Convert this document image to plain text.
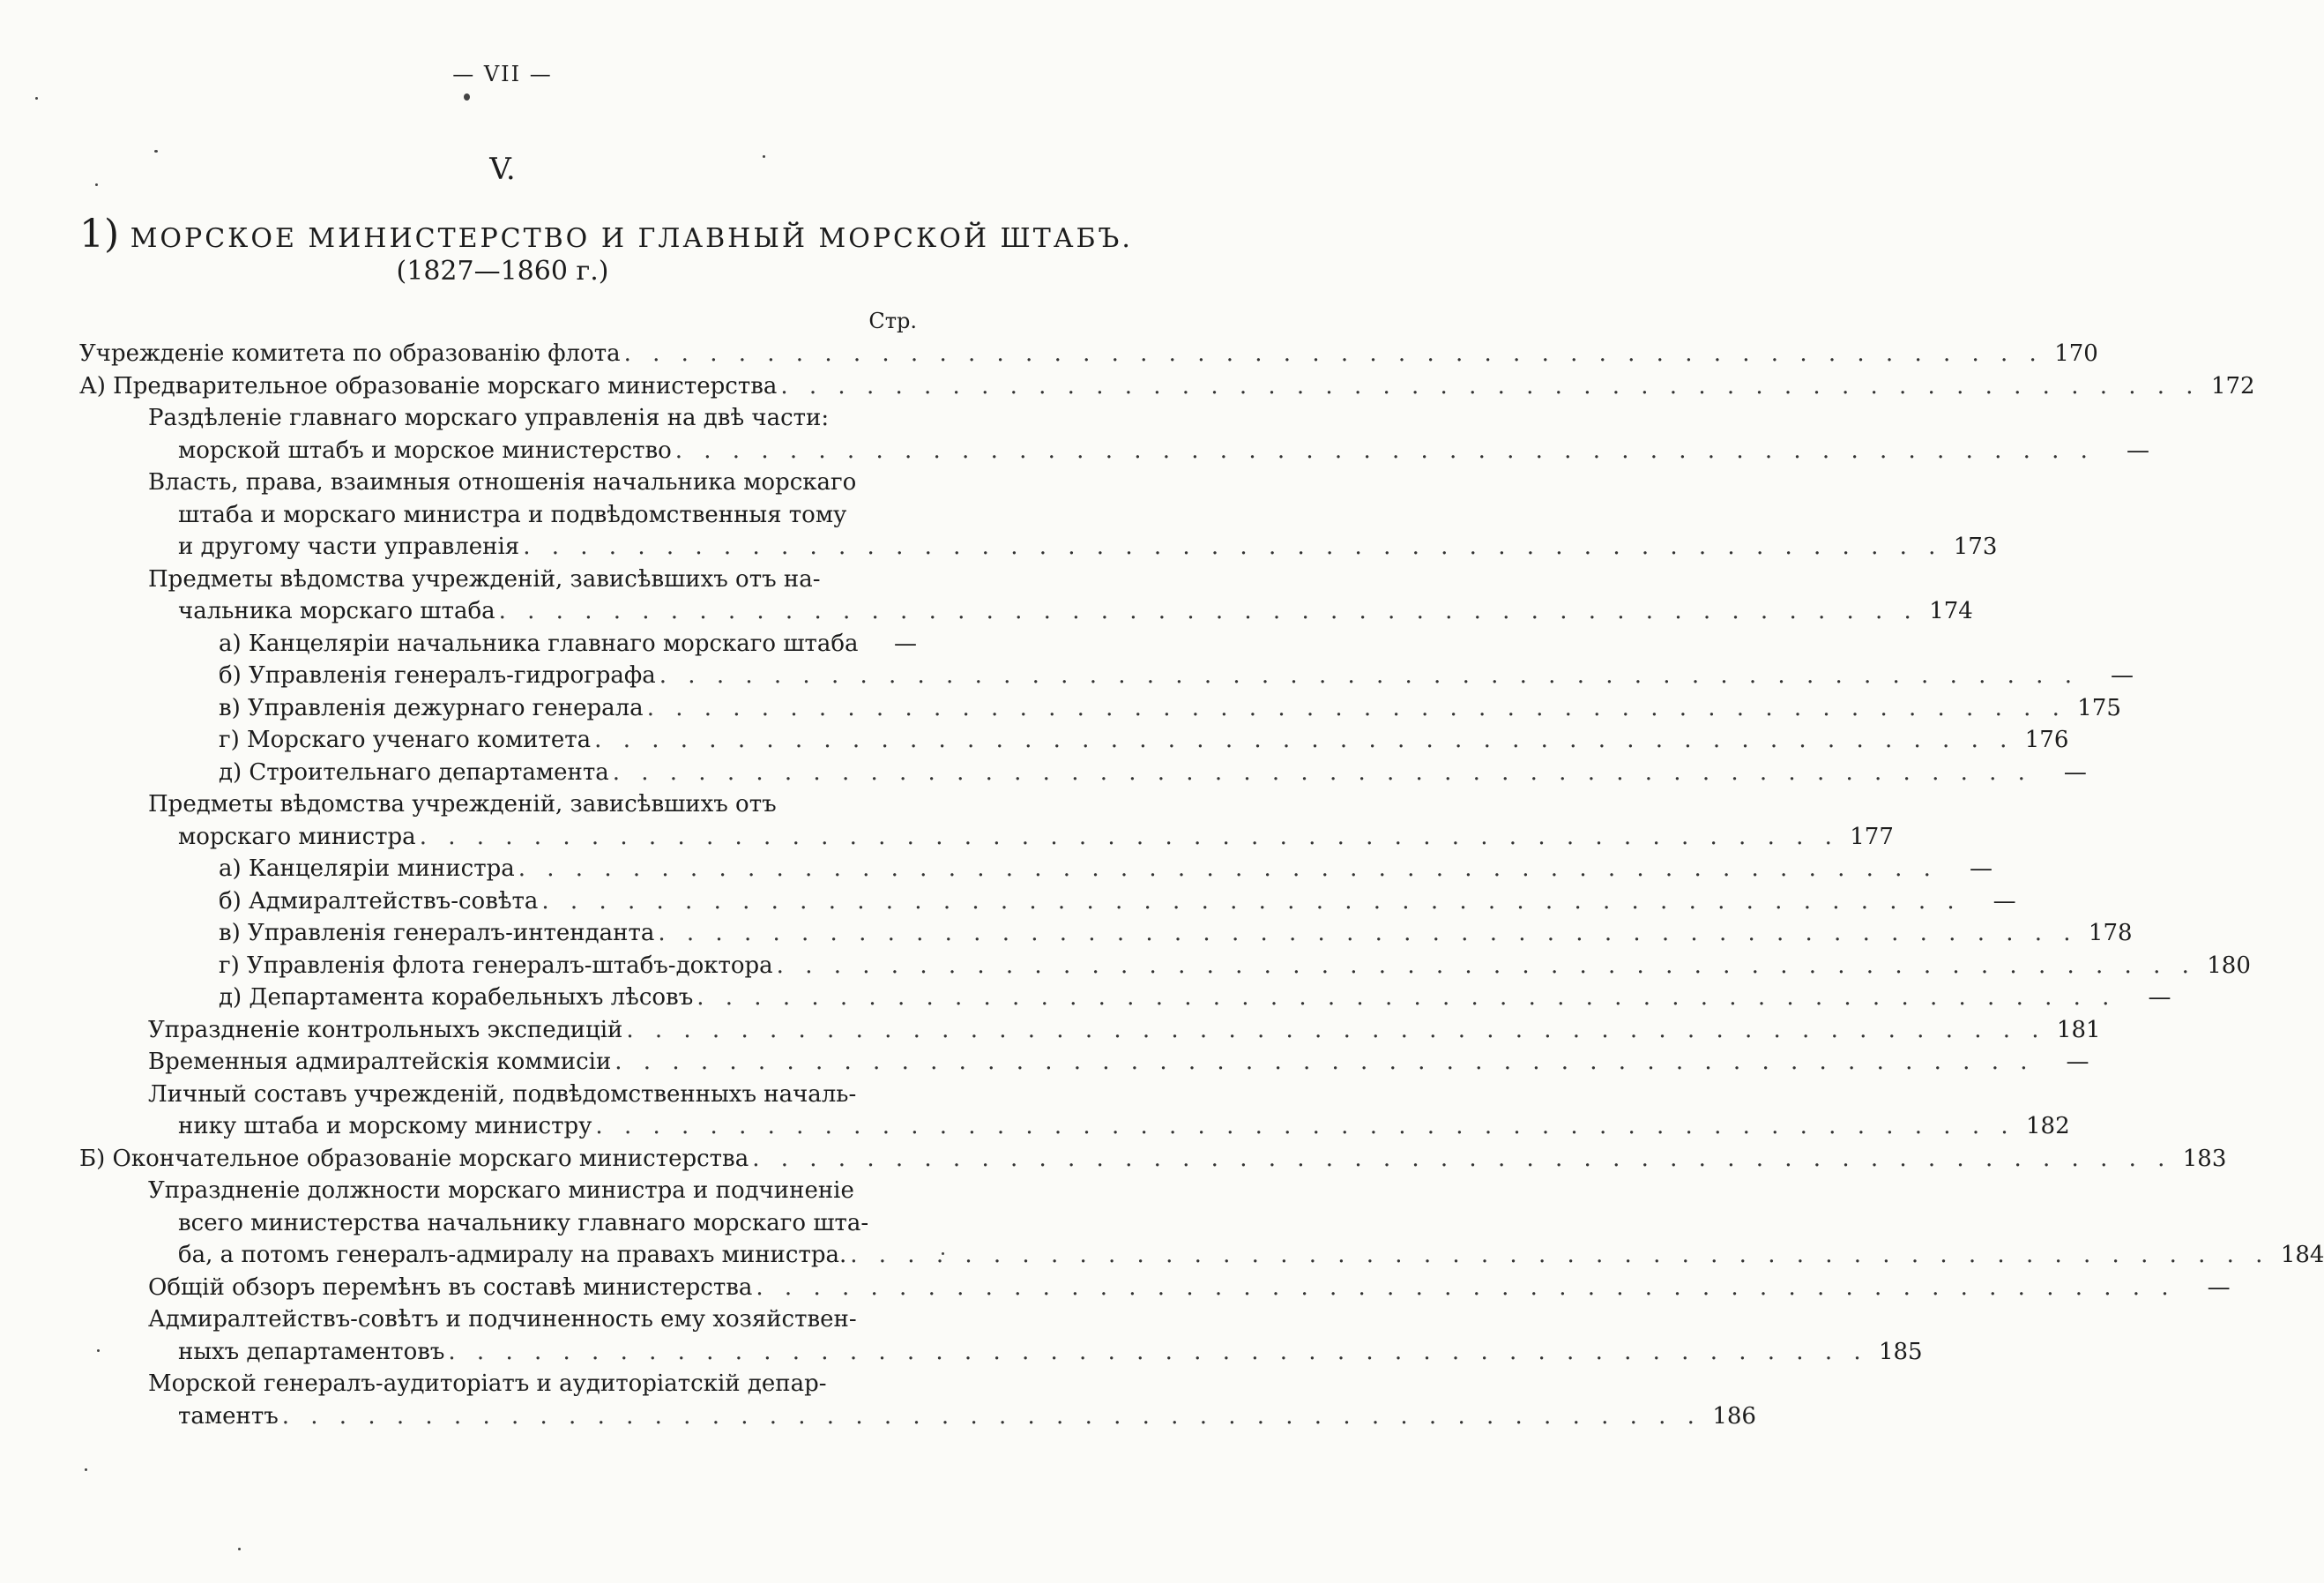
— VII —
V.
1) МОРСКОЕ МИНИСТЕРСТВО И ГЛАВНЫЙ МОРСКОЙ ШТАБЪ.
(1827—1860 г.)
Стр.
Учрежденіе комитета по образованію флота . . .	170
А) Предварительное образованіе морскаго министерства . . .	172
Раздѣленіе главнаго морскаго управленія на двѣ части:
морской штабъ и морское министерство . . .	—
Власть, права, взаимныя отношенія начальника морскаго
штаба и морскаго министра и подвѣдомственныя тому
и другому части управленія . . .	173
Предметы вѣдомства учрежденій, зависѣвшихъ отъ на-
чальника морскаго штаба . . .	174
а) Канцеляріи начальника главнаго морскаго штаба . . .	—
б) Управленія генералъ-гидрографа . . .	—
в) Управленія дежурнаго генерала . . .	175
г) Морскаго ученаго комитета . . .	176
д) Строительнаго департамента . . .	—
Предметы вѣдомства учрежденій, зависѣвшихъ отъ
морскаго министра . . .	177
а) Канцеляріи министра . . .	—
б) Адмиралтействъ-совѣта . . .	—
в) Управленія генералъ-интенданта . . .	178
г) Управленія флота генералъ-штабъ-доктора . . .	180
д) Департамента корабельныхъ лѣсовъ . . .	—
Упраздненіе контрольныхъ экспедицій . . .	181
Временныя адмиралтейскія коммисіи . . .	—
Личный составъ учрежденій, подвѣдомственныхъ началь-
нику штаба и морскому министру . . .	182
Б) Окончательное образованіе морскаго министерства . . .	183
Упраздненіе должности морскаго министра и подчиненіе
всего министерства начальнику главнаго морскаго шта-
ба, а потомъ генералъ-адмиралу на правахъ министра. . . .	184
Общій обзоръ перемѣнъ въ составѣ министерства . . .	—
Адмиралтействъ-совѣтъ и подчиненность ему хозяйствен-
ныхъ департаментовъ . . .	185
Морской генералъ-аудиторіатъ и аудиторіатскій депар-
таментъ . . .	186
